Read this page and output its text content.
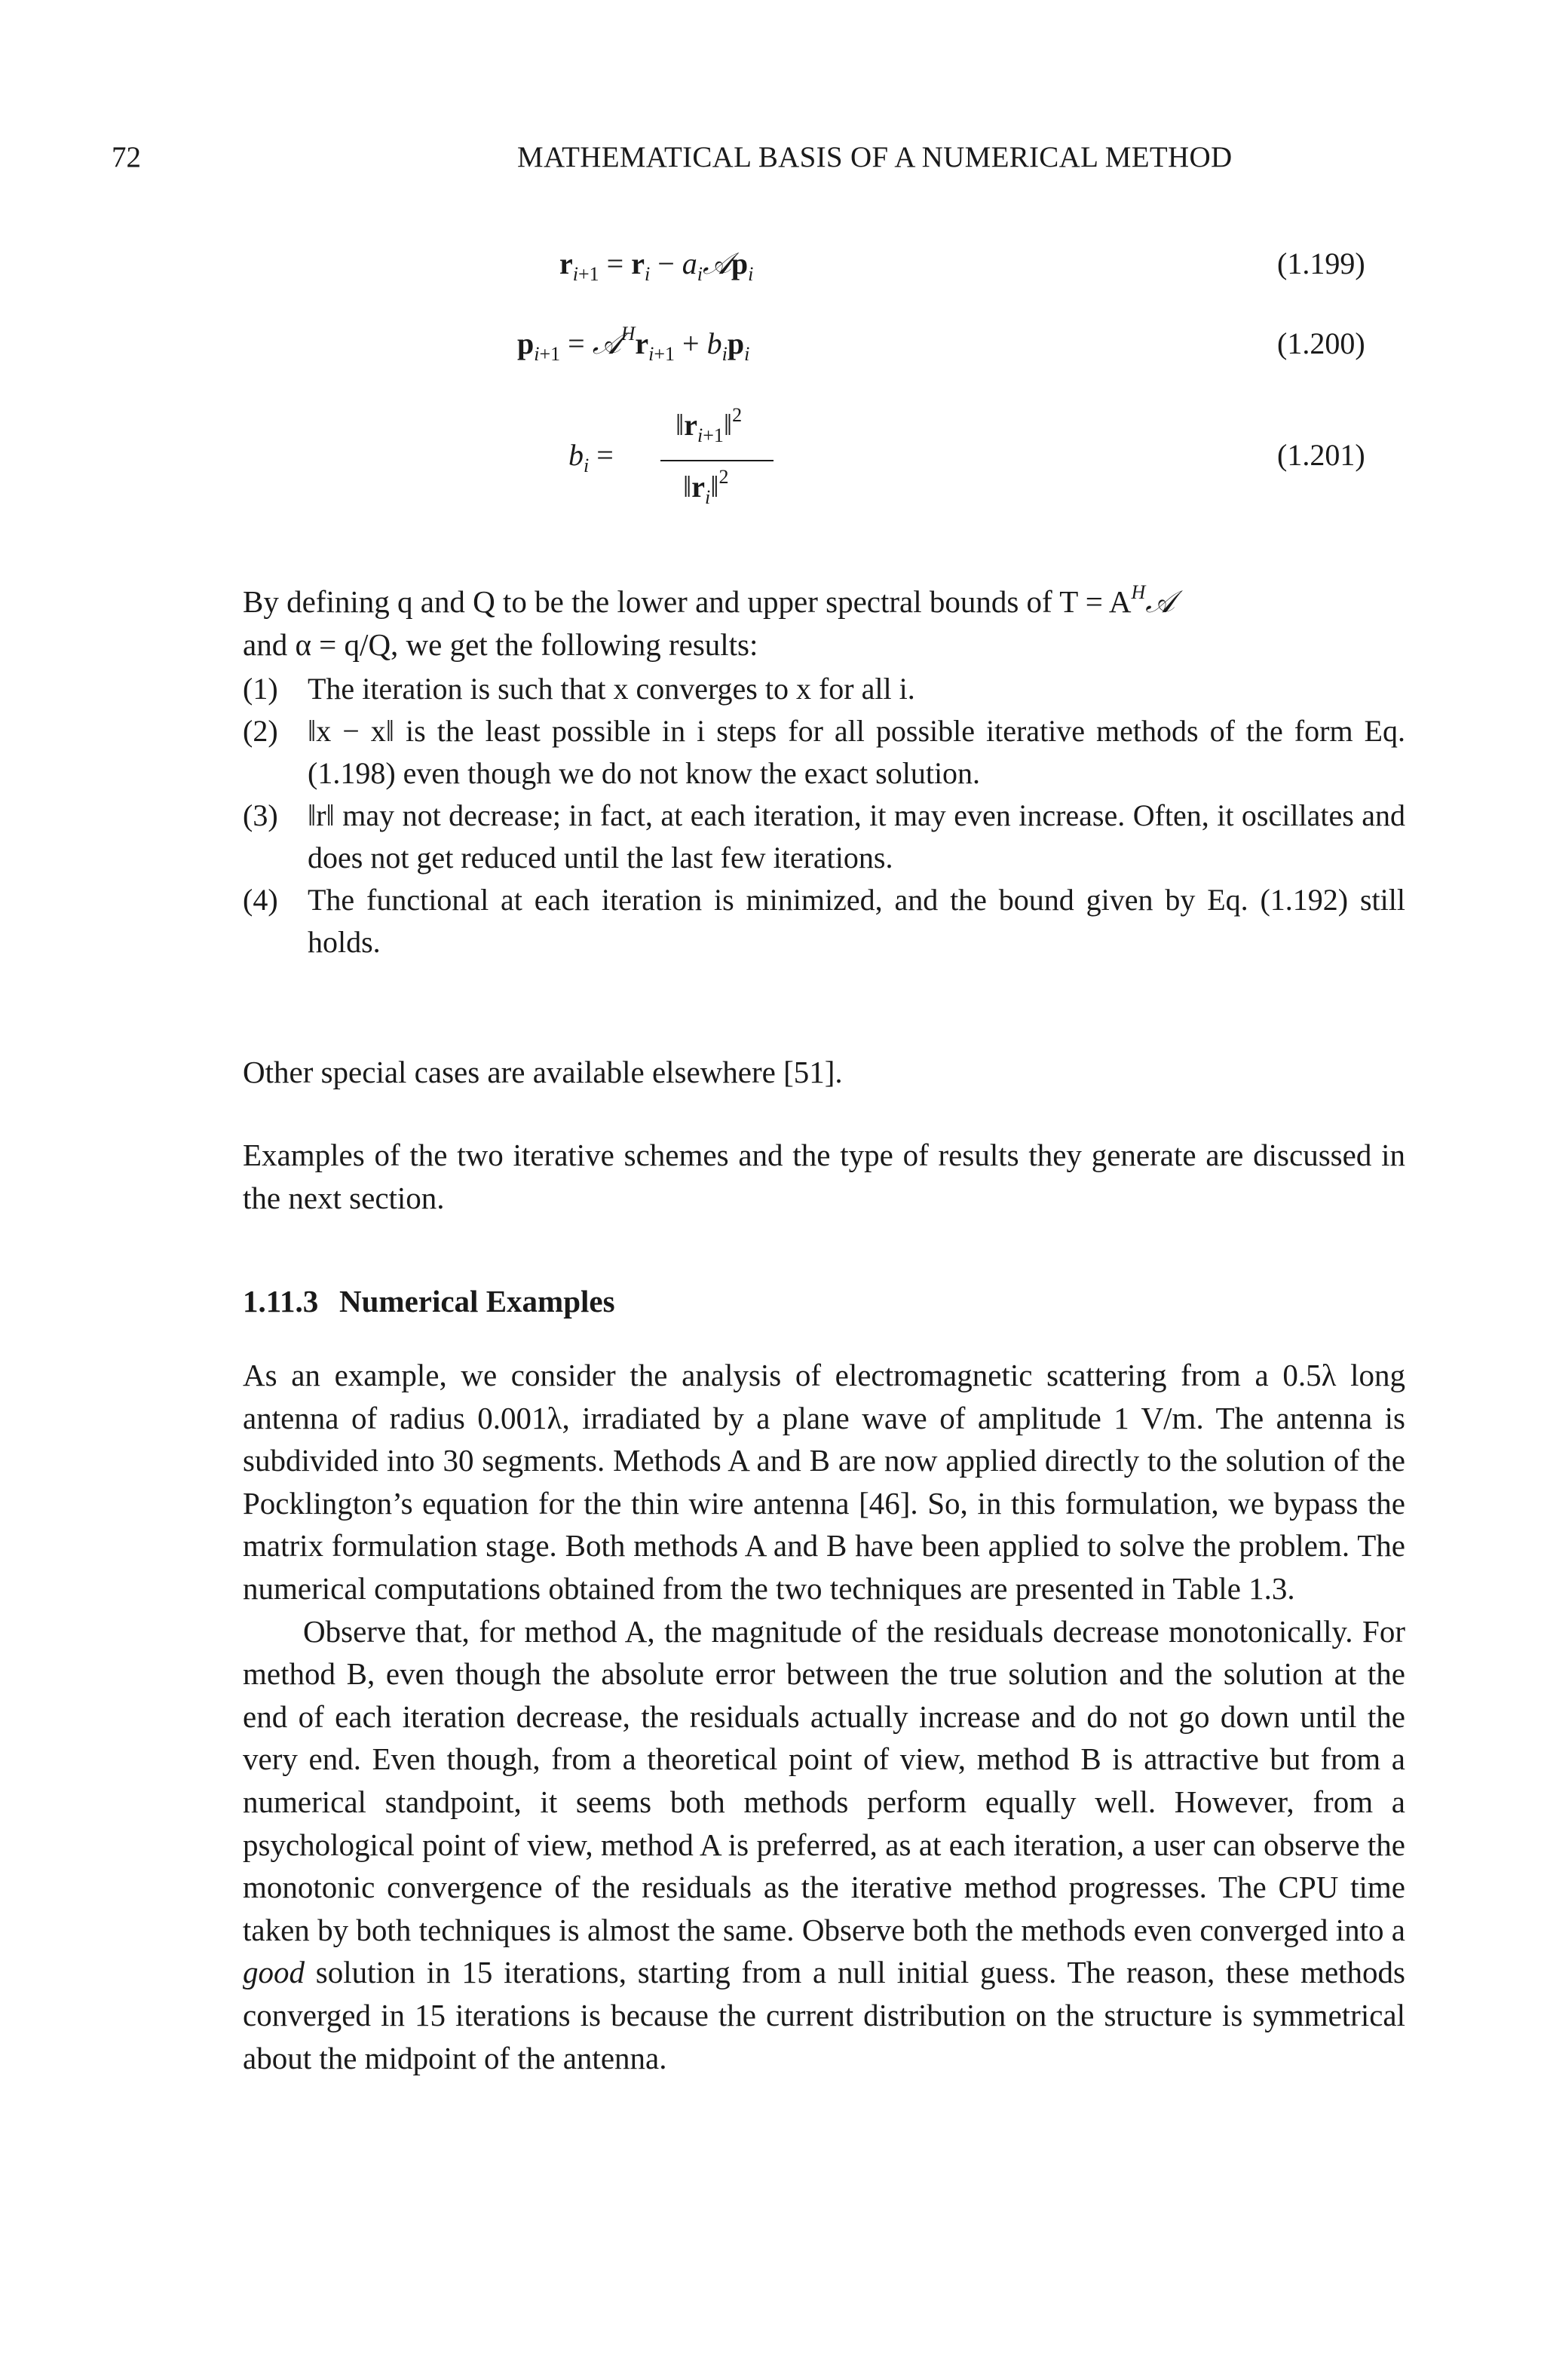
72	MATHEMATICAL BASIS OF A NUMERICAL METHOD
$r_{i+1} = r_i$ − $a_i𝒜p_i$	(1.199)
$p_{i+1}$ = $𝒜^Hr_{i+1} + b_ip_i$	(1.200)
$b_i$ =
$‖r_{i+1}‖^2$
$‖r_i‖^2$
(1.201)
By defining q and Q to be the lower and upper spectral bounds of $T = A^H𝒜$
and α = q/Q, we get the following results:
(1) The iteration is such that x converges to x for all i.
(2) ‖x − x‖ is the least possible in i steps for all possible iterative methods of the form Eq. (1.198) even though we do not know the exact solution.
(3) ‖r‖ may not decrease; in fact, at each iteration, it may even increase. Often, it oscillates and does not get reduced until the last few iterations.
(4) The functional at each iteration is minimized, and the bound given by Eq. (1.192) still holds.
Other special cases are available elsewhere [51].
Examples of the two iterative schemes and the type of results they generate are discussed in the next section.
1.11.3 Numerical Examples
As an example, we consider the analysis of electromagnetic scattering from a 0.5λ long antenna of radius 0.001λ, irradiated by a plane wave of amplitude 1 V/m. The antenna is subdivided into 30 segments. Methods A and B are now applied directly to the solution of the Pocklington’s equation for the thin wire antenna [46]. So, in this formulation, we bypass the matrix formulation stage. Both methods A and B have been applied to solve the problem. The numerical computations obtained from the two techniques are presented in Table 1.3.
Observe that, for method A, the magnitude of the residuals decrease monotonically. For method B, even though the absolute error between the true solution and the solution at the end of each iteration decrease, the residuals actually increase and do not go down until the very end. Even though, from a theoretical point of view, method B is attractive but from a numerical standpoint, it seems both methods perform equally well. However, from a psychological point of view, method A is preferred, as at each iteration, a user can observe the monotonic convergence of the residuals as the iterative method progresses. The CPU time taken by both techniques is almost the same. Observe both the methods even converged into a good solution in 15 iterations, starting from a null initial guess. The reason, these methods converged in 15 iterations is because the current distribution on the structure is symmetrical about the midpoint of the antenna.
